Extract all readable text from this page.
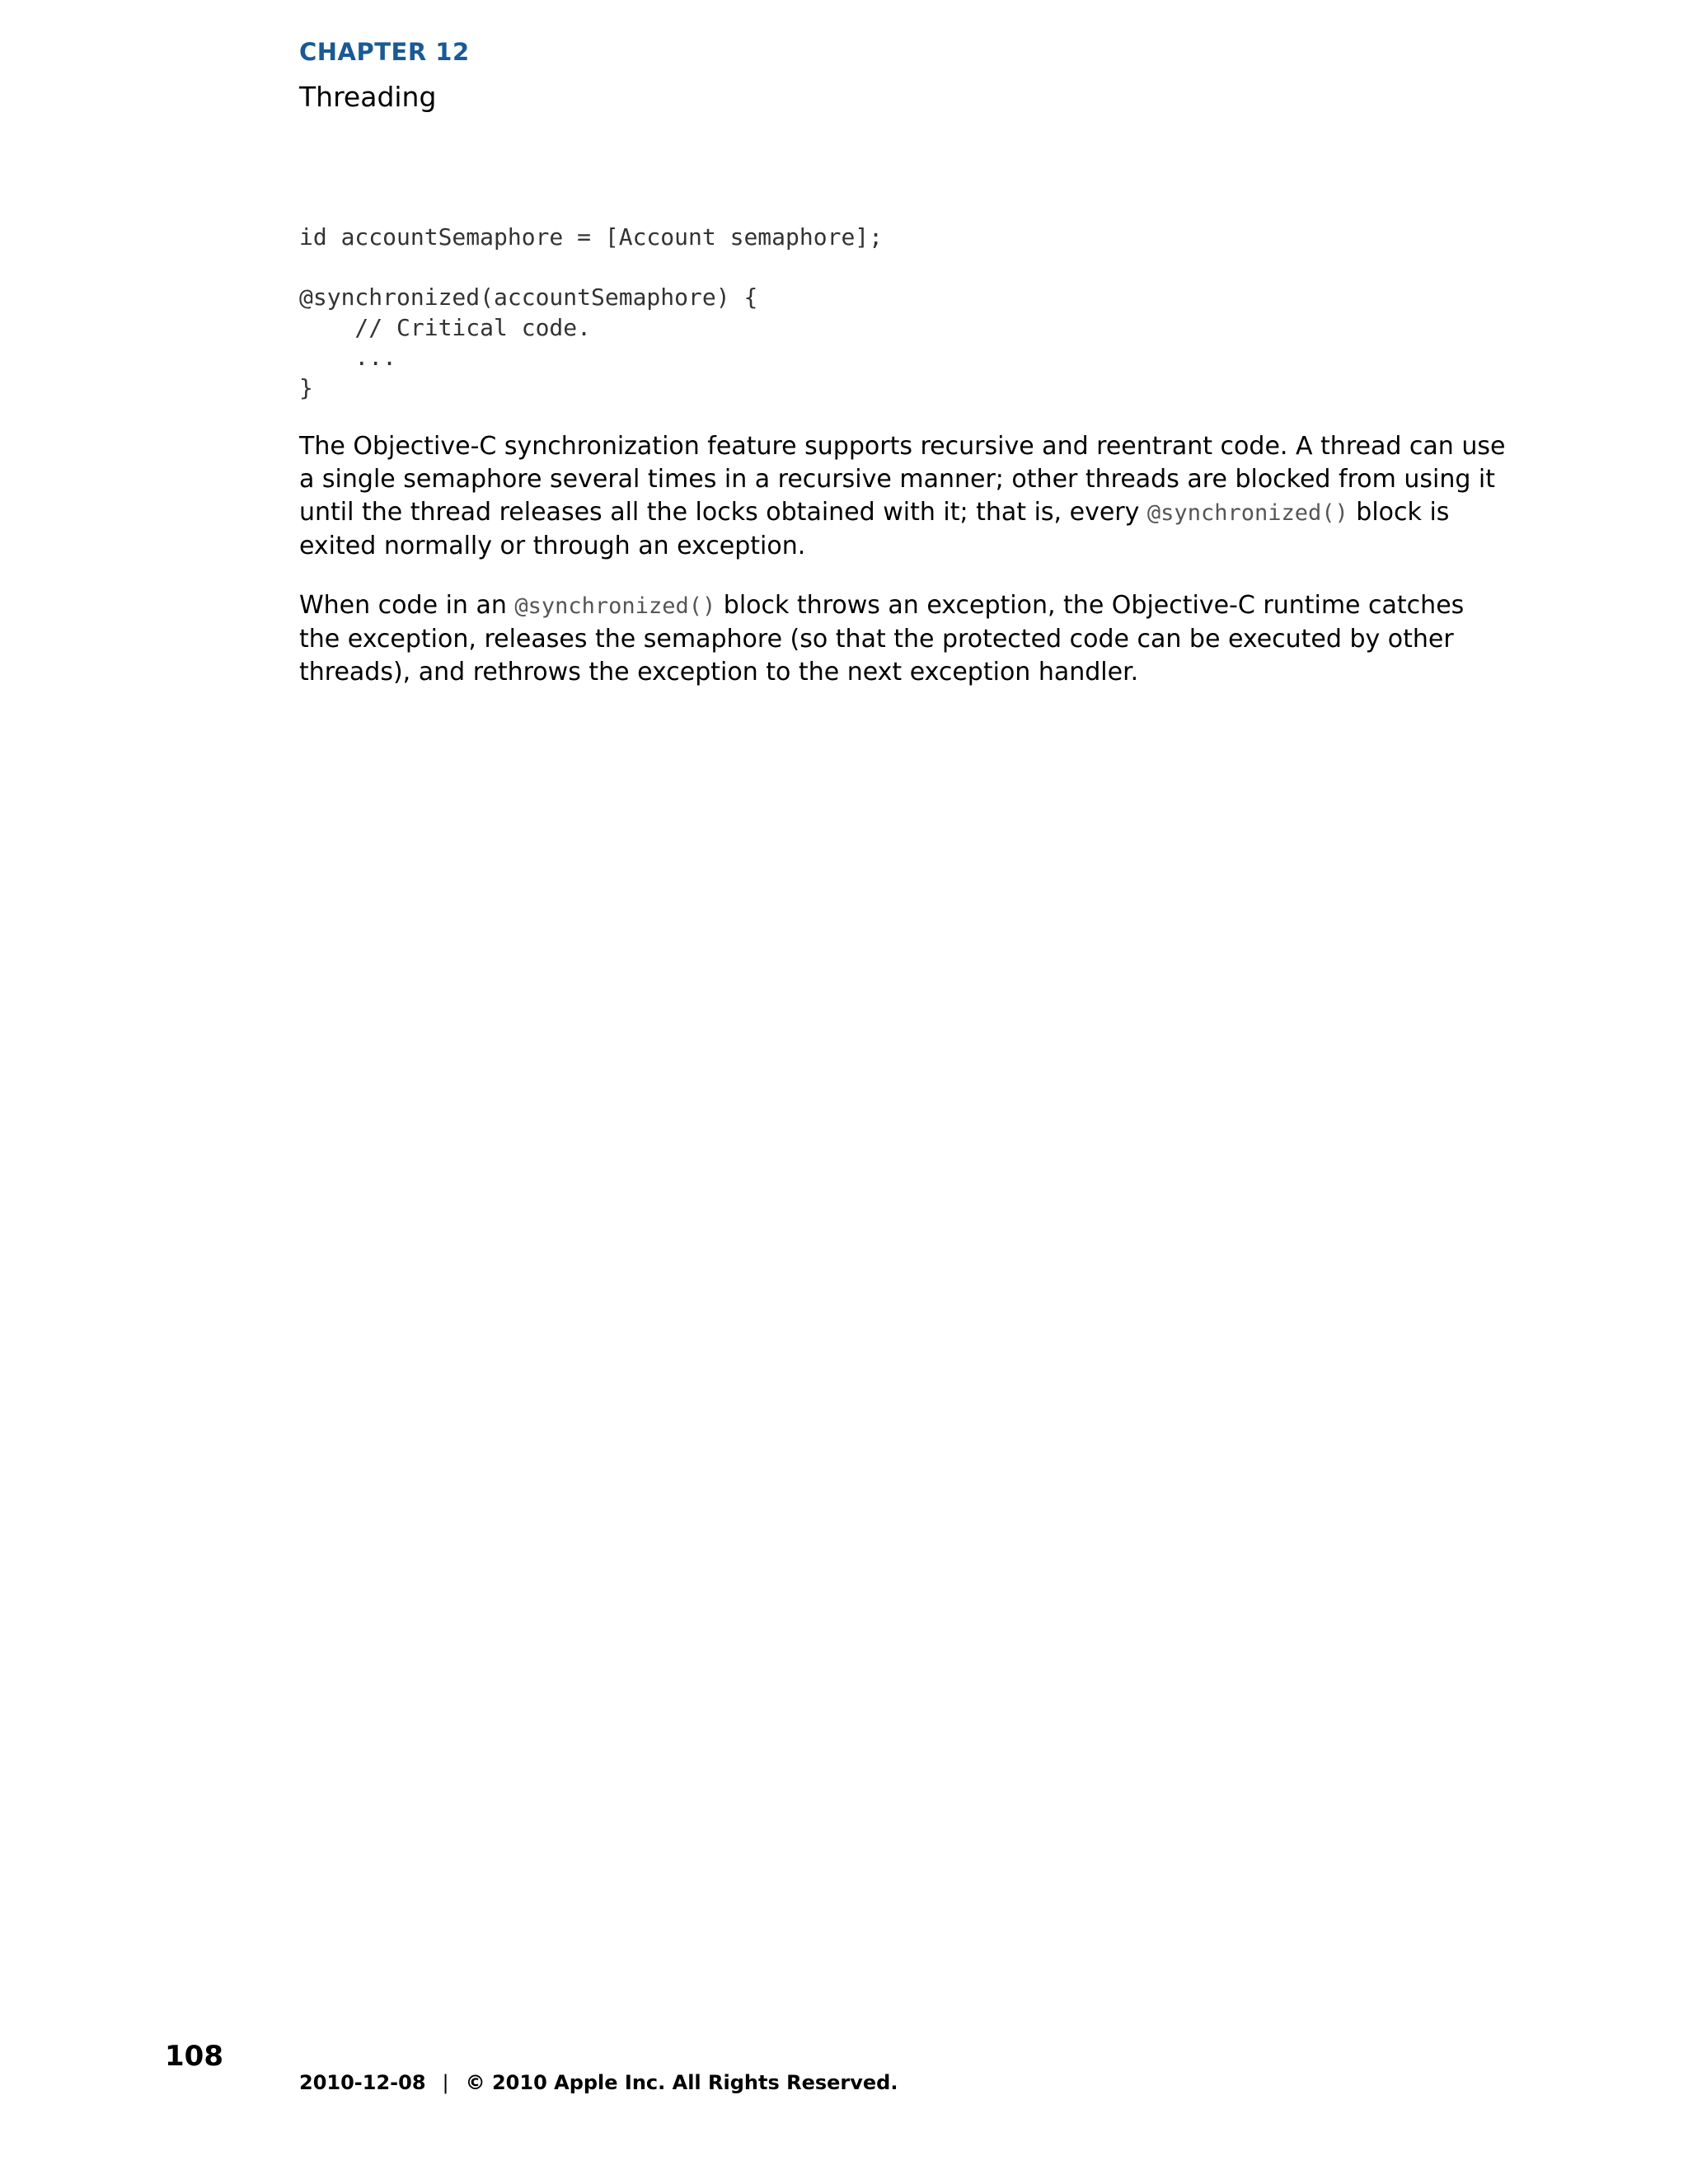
CHAPTER 12
Threading
id accountSemaphore = [Account semaphore];
@synchronized(accountSemaphore) {
// Critical code.
...
}

The Objective-C synchronization feature supports recursive and reentrant code. A thread can use a single semaphore several times in a recursive manner; other threads are blocked from using it until the thread releases all the locks obtained with it; that is, every @synchronized() block is exited normally or through an exception.

When code in an @synchronized() block throws an exception, the Objective-C runtime catches the exception, releases the semaphore (so that the protected code can be executed by other threads), and rethrows the exception to the next exception handler.

108
2010-12-08 | © 2010 Apple Inc. All Rights Reserved.
